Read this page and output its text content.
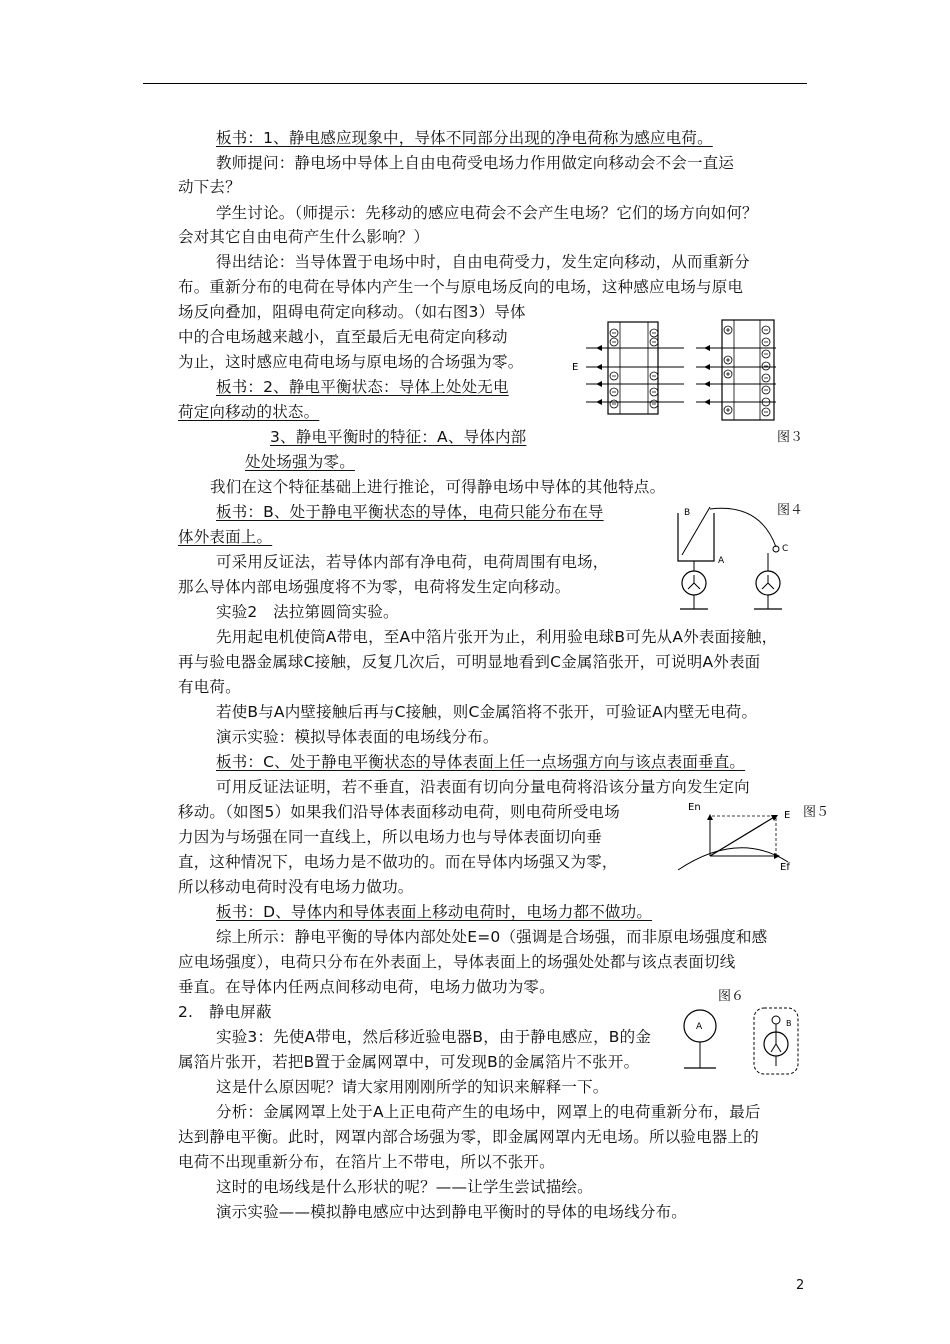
板书：1、静电感应现象中，导体不同部分出现的净电荷称为感应电荷。
教师提问：静电场中导体上自由电荷受电场力作用做定向移动会不会一直运
动下去？
学生讨论。（师提示：先移动的感应电荷会不会产生电场？它们的场方向如何？
会对其它自由电荷产生什么影响？）
得出结论：当导体置于电场中时，自由电荷受力，发生定向移动，从而重新分
布。重新分布的电荷在导体内产生一个与原电场反向的电场，这种感应电场与原电
场反向叠加，阻碍电荷定向移动。（如右图3）导体
中的合电场越来越小，直至最后无电荷定向移动
为止，这时感应电荷电场与原电场的合场强为零。
板书：2、静电平衡状态：导体上处处无电
荷定向移动的状态。
3、静电平衡时的特征：A、导体内部
处处场强为零。
我们在这个特征基础上进行推论，可得静电场中导体的其他特点。
板书：B、处于静电平衡状态的导体，电荷只能分布在导
体外表面上。
可采用反证法，若导体内部有净电荷，电荷周围有电场，
那么导体内部电场强度将不为零，电荷将发生定向移动。
实验2　法拉第圆筒实验。
先用起电机使筒A带电，至A中箔片张开为止，利用验电球B可先从A外表面接触，
再与验电器金属球C接触，反复几次后，可明显地看到C金属箔张开，可说明A外表面
有电荷。
若使B与A内壁接触后再与C接触，则C金属箔将不张开，可验证A内壁无电荷。
演示实验：模拟导体表面的电场线分布。
板书：C、处于静电平衡状态的导体表面上任一点场强方向与该点表面垂直。
可用反证法证明，若不垂直，沿表面有切向分量电荷将沿该分量方向发生定向
移动。（如图5）如果我们沿导体表面移动电荷，则电荷所受电场
力因为与场强在同一直线上，所以电场力也与导体表面切向垂
直，这种情况下，电场力是不做功的。而在导体内场强又为零，
所以移动电荷时没有电场力做功。
板书：D、导体内和导体表面上移动电荷时，电场力都不做功。
综上所示：静电平衡的导体内部处处E=0（强调是合场强，而非原电场强度和感
应电场强度），电荷只分布在外表面上，导体表面上的场强处处都与该点表面切线
垂直。在导体内任两点间移动电荷，电场力做功为零。
2.　静电屏蔽
实验3：先使A带电，然后移近验电器B，由于静电感应，B的金
属箔片张开，若把B置于金属网罩中，可发现B的金属箔片不张开。
这是什么原因呢？请大家用刚刚所学的知识来解释一下。
分析：金属网罩上处于A上正电荷产生的电场中，网罩上的电荷重新分布，最后
达到静电平衡。此时，网罩内部合场强为零，即金属网罩内无电场。所以验电器上的
电荷不出现重新分布，在箔片上不带电，所以不张开。
这时的电场线是什么形状的呢？——让学生尝试描绘。
演示实验——模拟静电感应中达到静电平衡时的导体的电场线分布。
E
图３
图４
B
A
C
En
E
Ef
图５
图６
A	B
2
